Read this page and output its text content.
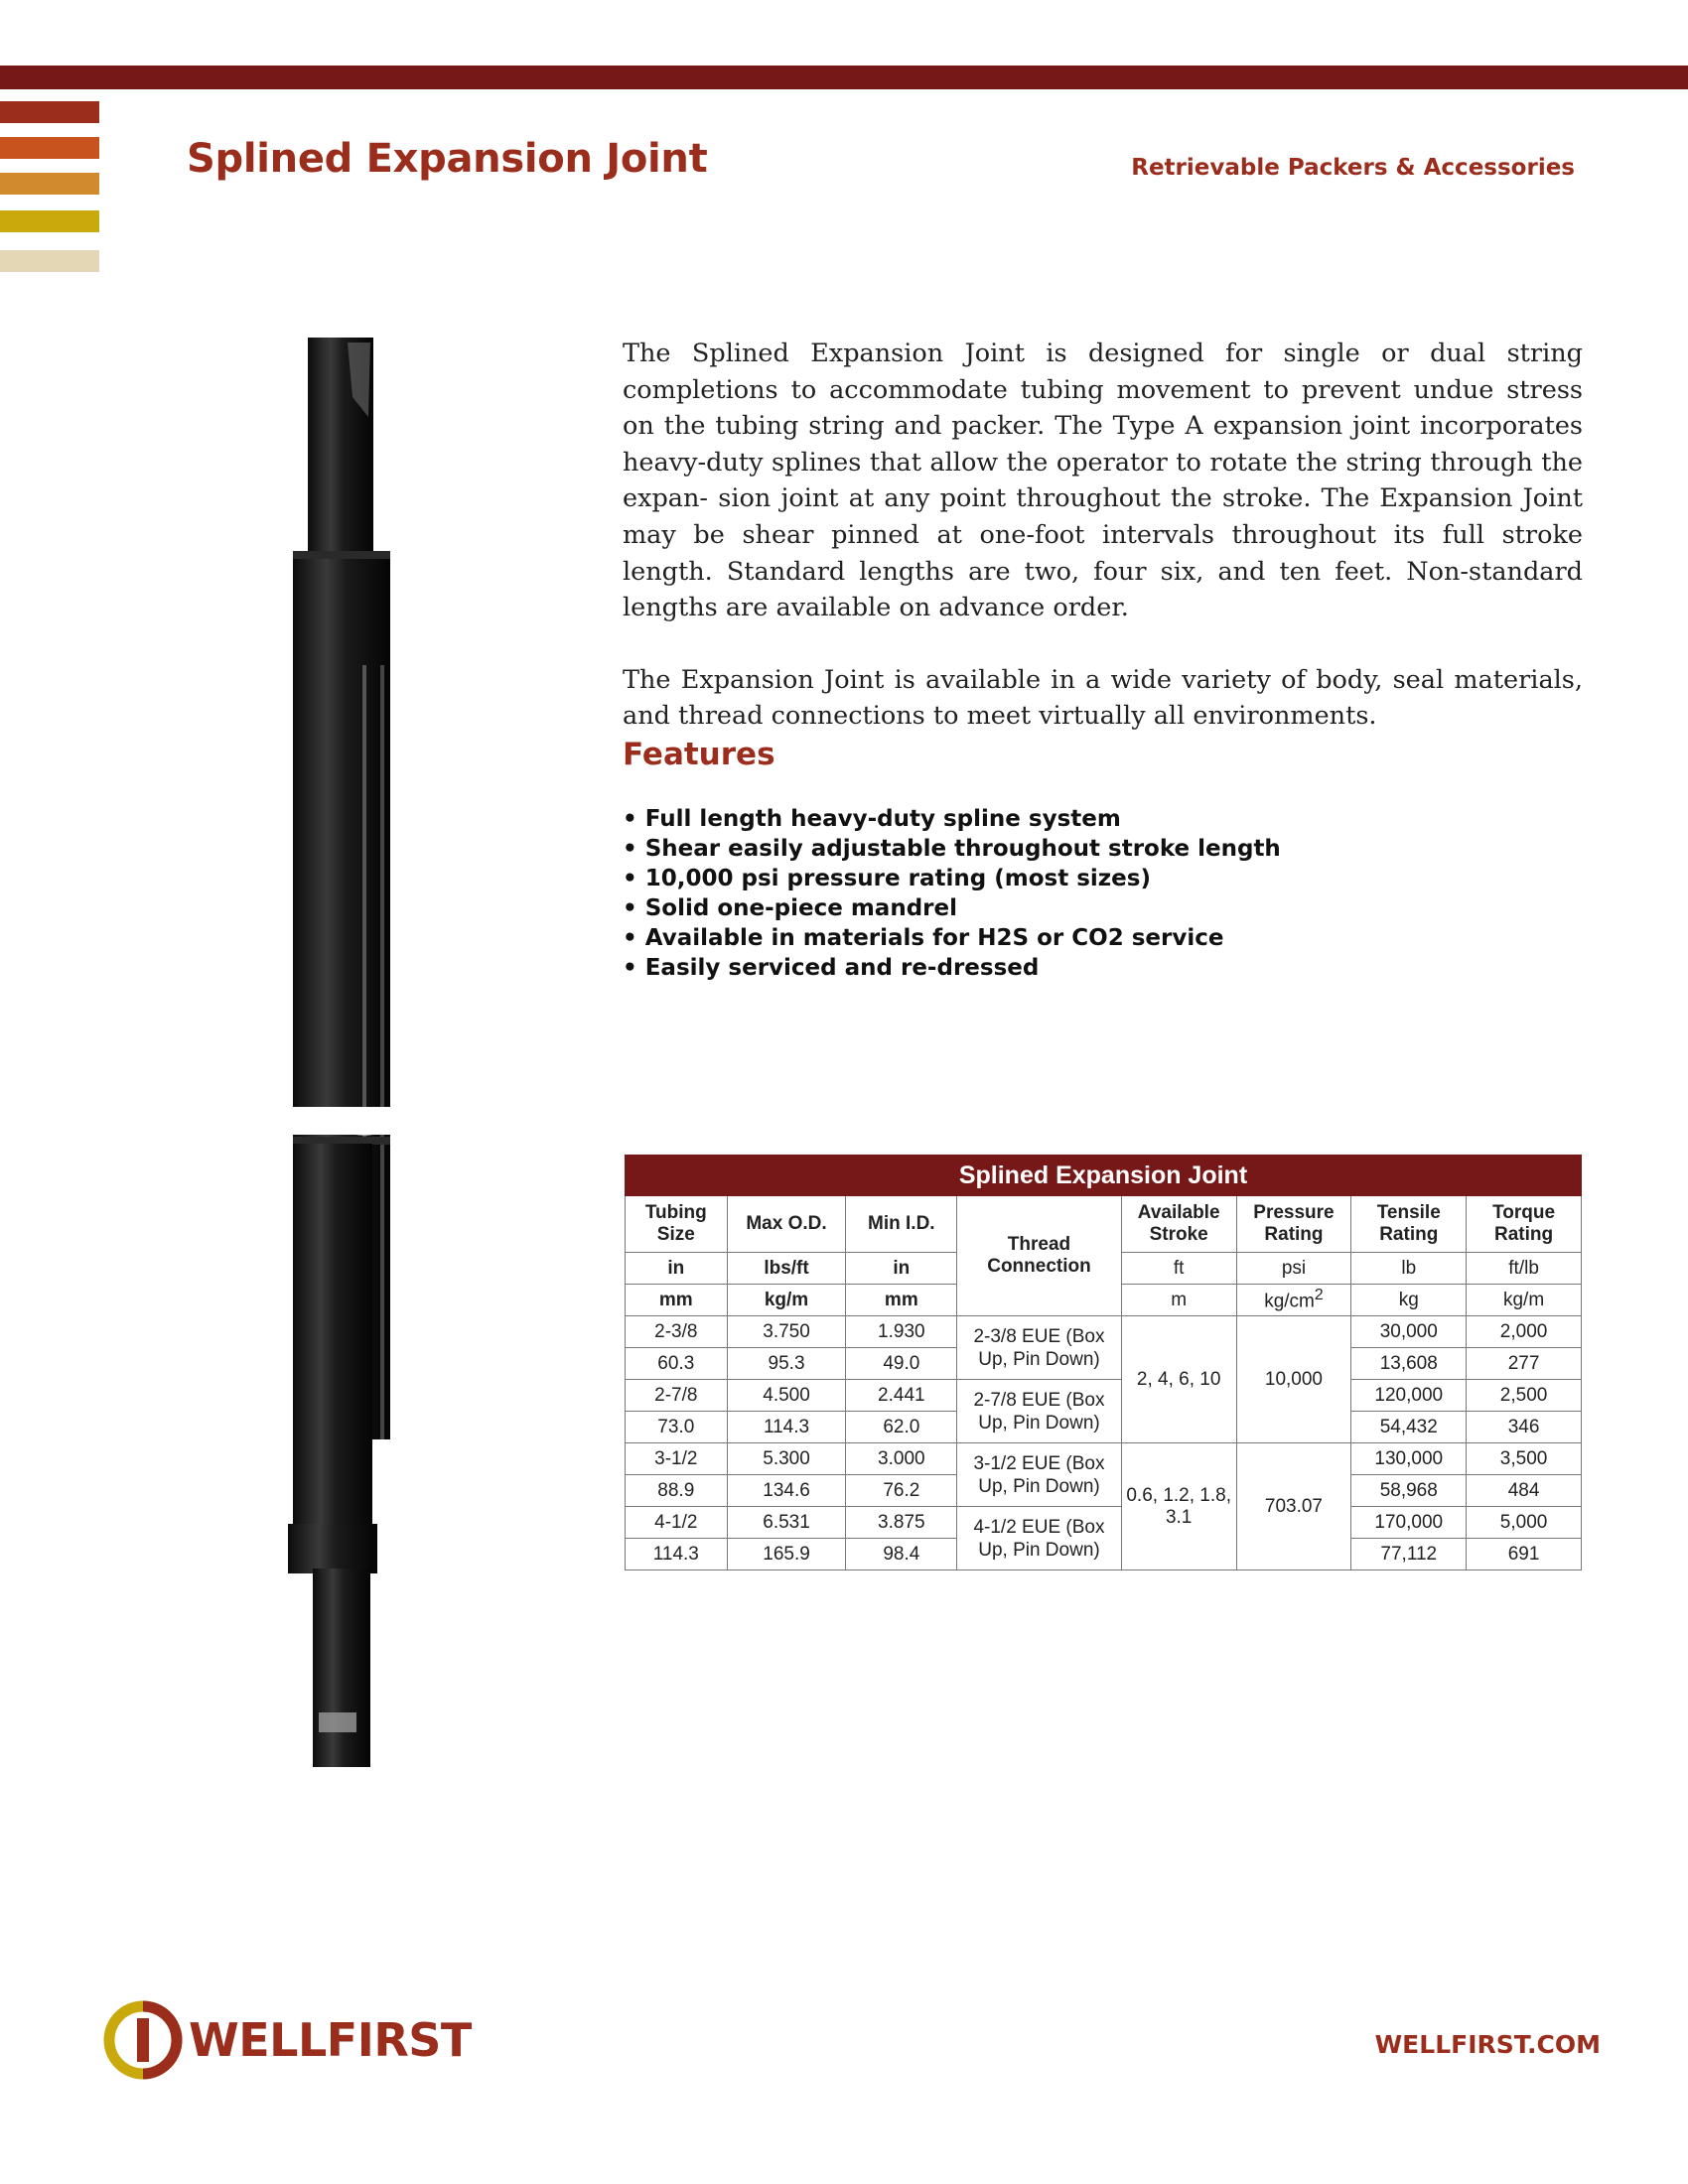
Splined Expansion Joint	Retrievable Packers & Accessories

The Splined Expansion Joint is designed for single or dual string completions to accommodate tubing movement to prevent undue stress on the tubing string and packer. The Type A expansion joint incorporates heavy-duty splines that allow the operator to rotate the string through the expan- sion joint at any point throughout the stroke. The Expansion Joint may be shear pinned at one-foot intervals throughout its full stroke length. Standard lengths are two, four six, and ten feet. Non-standard lengths are available on advance order.

The Expansion Joint is available in a wide variety of body, seal materials, and thread connections to meet virtually all environments.

Features
• Full length heavy-duty spline system
• Shear easily adjustable throughout stroke length
• 10,000 psi pressure rating (most sizes)
• Solid one-piece mandrel
• Available in materials for H2S or CO2 service
• Easily serviced and re-dressed
Splined Expansion Joint							
Tubing Size	Max O.D.	Min I.D.	Thread Connection	Available Stroke	Pressure Rating	Tensile Rating	Torque Rating
in	lbs/ft	in		ft	psi	lb	ft/lb
mm	kg/m	mm		m	$kg/cm^2$	kg	kg/m
2-3/8	3.750	1.930	2-3/8 EUE (Box Up, Pin Down)	2, 4, 6, 10	10,000	30,000	2,000
60.3	95.3	49.0				13,608	277
2-7/8	4.500	2.441	2-7/8 EUE (Box Up, Pin Down)			120,000	2,500
73.0	114.3	62.0				54,432	346
3-1/2	5.300	3.000	3-1/2 EUE (Box Up, Pin Down)	0.6, 1.2, 1.8, 3.1	703.07	130,000	3,500
88.9	134.6	76.2				58,968	484
4-1/2	6.531	3.875	4-1/2 EUE (Box Up, Pin Down)			170,000	5,000
114.3	165.9	98.4				77,112	691
WELLFIRST	WELLFIRST.COM
